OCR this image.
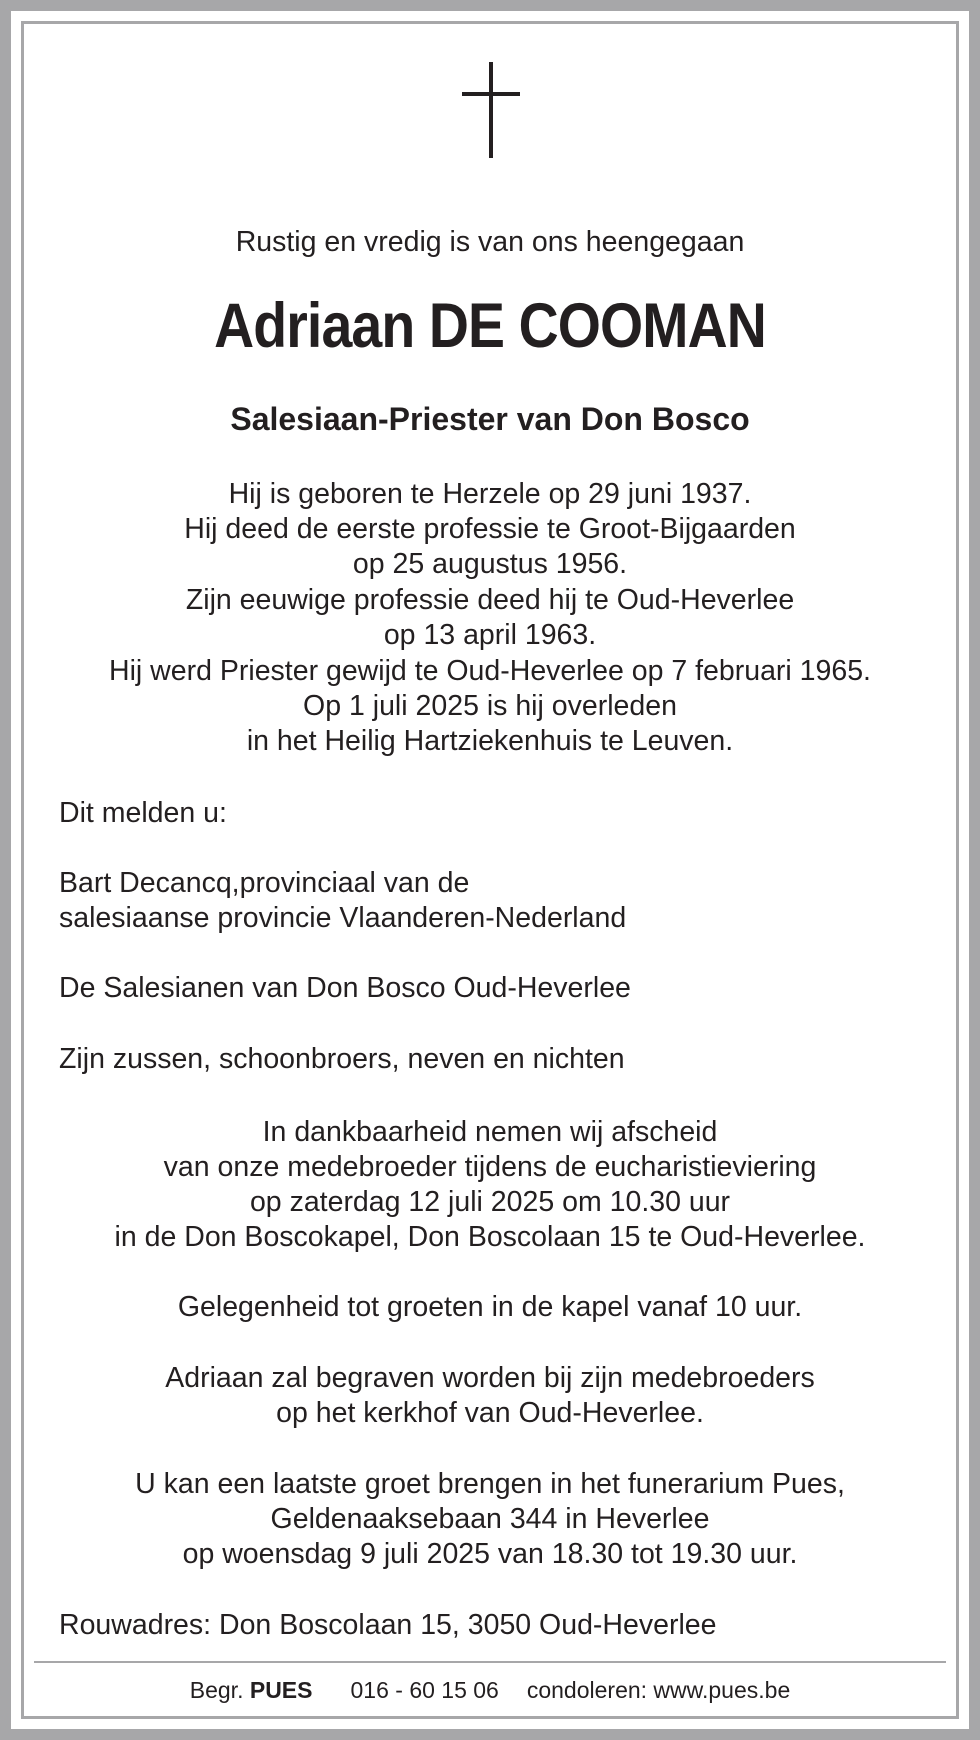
Rustig en vredig is van ons heengegaan
Adriaan DE COOMAN
Salesiaan-Priester van Don Bosco
Hij is geboren te Herzele op 29 juni 1937.
Hij deed de eerste professie te Groot-Bijgaarden
op 25 augustus 1956.
Zijn eeuwige professie deed hij te Oud-Heverlee
op 13 april 1963.
Hij werd Priester gewijd te Oud-Heverlee op 7 februari 1965.
Op 1 juli 2025 is hij overleden
in het Heilig Hartziekenhuis te Leuven.
Dit melden u:
Bart Decancq,provinciaal van de
salesiaanse provincie Vlaanderen-Nederland
De Salesianen van Don Bosco Oud-Heverlee
Zijn zussen, schoonbroers, neven en nichten
In dankbaarheid nemen wij afscheid
van onze medebroeder tijdens de eucharistieviering
op zaterdag 12 juli 2025 om 10.30 uur
in de Don Boscokapel, Don Boscolaan 15 te Oud-Heverlee.
Gelegenheid tot groeten in de kapel vanaf 10 uur.
Adriaan zal begraven worden bij zijn medebroeders
op het kerkhof van Oud-Heverlee.
U kan een laatste groet brengen in het funerarium Pues,
Geldenaaksebaan 344 in Heverlee
op woensdag 9 juli 2025 van 18.30 tot 19.30 uur.
Rouwadres: Don Boscolaan 15, 3050 Oud-Heverlee
Begr. PUES 016 - 60 15 06 condoleren: www.pues.be
